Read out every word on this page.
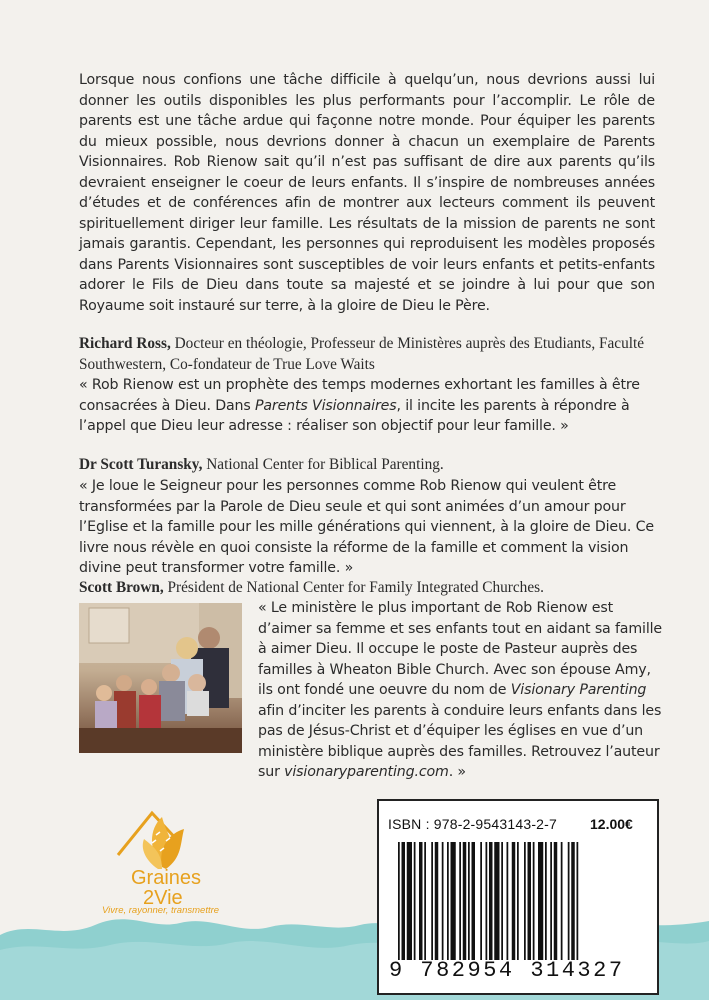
Lorsque nous confions une tâche difficile à quelqu’un, nous devrions aussi lui donner les outils disponibles les plus performants pour l’accomplir. Le rôle de parents est une tâche ardue qui façonne notre monde. Pour équiper les parents du mieux possible, nous devrions donner à chacun un exemplaire de Parents Visionnaires. Rob Rienow sait qu’il n’est pas suffisant de dire aux parents qu’ils devraient enseigner le coeur de leurs enfants. Il s’inspire de nombreuses années d’études et de conférences afin de montrer aux lecteurs comment ils peuvent spirituellement diriger leur famille. Les résultats de la mission de parents ne sont jamais garantis. Cependant, les personnes qui reproduisent les modèles proposés dans Parents Visionnaires sont susceptibles de voir leurs enfants et petits-enfants adorer le Fils de Dieu dans toute sa majesté et se joindre à lui pour que son Royaume soit instauré sur terre, à la gloire de Dieu le Père.

Richard Ross, Docteur en théologie, Professeur de Ministères auprès des Etudiants, Faculté Southwestern, Co-fondateur de True Love Waits

« Rob Rienow est un prophète des temps modernes exhortant les familles à être consacrées à Dieu. Dans Parents Visionnaires, il incite les parents à répondre à l’appel que Dieu leur adresse : réaliser son objectif pour leur famille. »

Dr Scott Turansky, National Center for Biblical Parenting.

« Je loue le Seigneur pour les personnes comme Rob Rienow qui veulent être transformées par la Parole de Dieu seule et qui sont animées d’un amour pour l’Eglise et la famille pour les mille générations qui viennent, à la gloire de Dieu. Ce livre nous révèle en quoi consiste la réforme de la famille et comment la vision divine peut transformer votre famille. »

Scott Brown, Président de National Center for Family Integrated Churches.

« Le ministère le plus important de Rob Rienow est d’aimer sa femme et ses enfants tout en aidant sa famille à aimer Dieu. Il occupe le poste de Pasteur auprès des familles à Wheaton Bible Church. Avec son épouse Amy, ils ont fondé une oeuvre du nom de Visionary Parenting afin d’inciter les parents à conduire leurs enfants dans les pas de Jésus-Christ et d’équiper les églises en vue d’un ministère biblique auprès des familles. Retrouvez l’auteur sur visionaryparenting.com. »

Graines
2Vie
Vivre, rayonner, transmettre
ISBN : 978-2-9543143-2-7 12.00€
9 782954 314327
